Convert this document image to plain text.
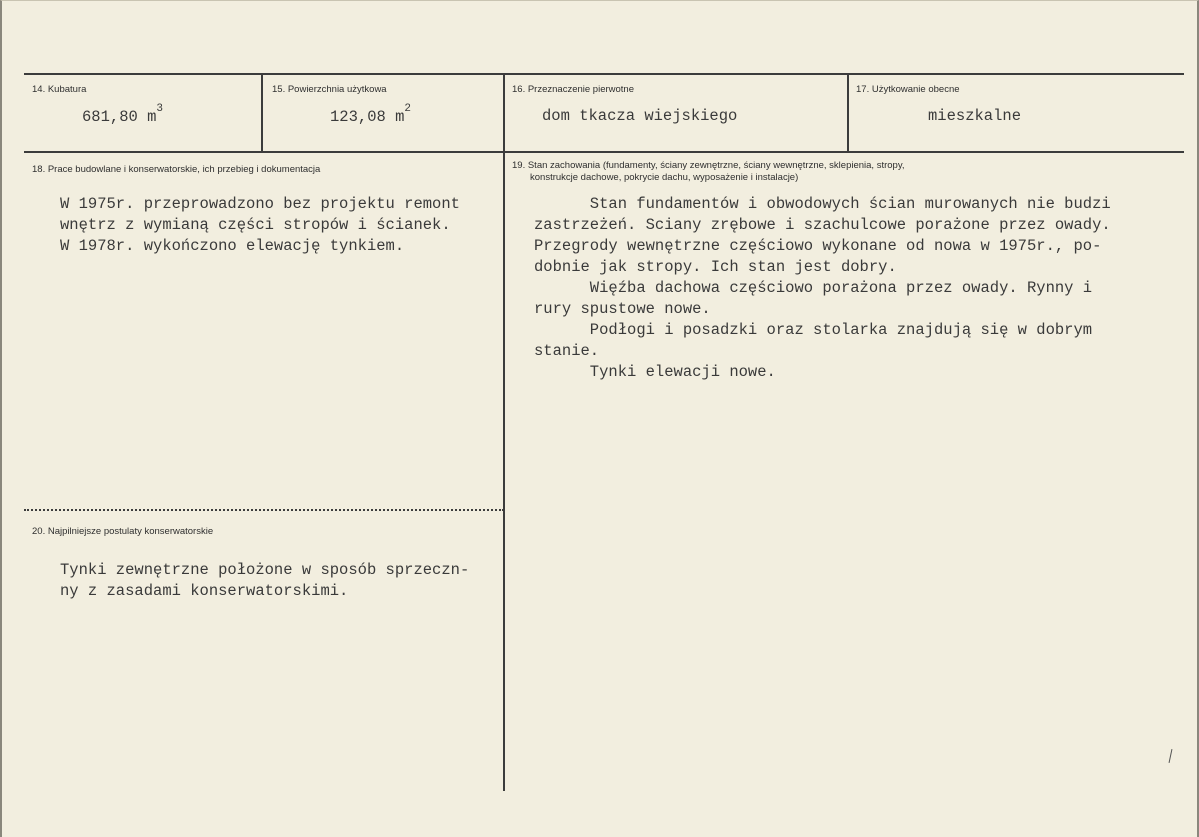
14. Kubatura
681,80 $m^3$
15. Powierzchnia użytkowa
123,08 $m^2$
16. Przeznaczenie pierwotne
dom tkacza wiejskiego
17. Użytkowanie obecne
mieszkalne
18. Prace budowlane i konserwatorskie, ich przebieg i dokumentacja
W 1975r. przeprowadzono bez projektu remont
wnętrz z wymianą części stropów i ścianek.
W 1978r. wykończono elewację tynkiem.
19. Stan zachowania (fundamenty, ściany zewnętrzne, ściany wewnętrzne, sklepienia, stropy,
konstrukcje dachowe, pokrycie dachu, wyposażenie i instalacje)
Stan fundamentów i obwodowych ścian murowanych nie budzi
zastrzeżeń. Sciany zrębowe i szachulcowe porażone przez owady.
Przegrody wewnętrzne częściowo wykonane od nowa w 1975r., po-
dobnie jak stropy. Ich stan jest dobry.
Więźba dachowa częściowo porażona przez owady. Rynny i
rury spustowe nowe.
Podłogi i posadzki oraz stolarka znajdują się w dobrym
stanie.
Tynki elewacji nowe.
20. Najpilniejsze postulaty konserwatorskie
Tynki zewnętrzne położone w sposób sprzeczn-
ny z zasadami konserwatorskimi.
